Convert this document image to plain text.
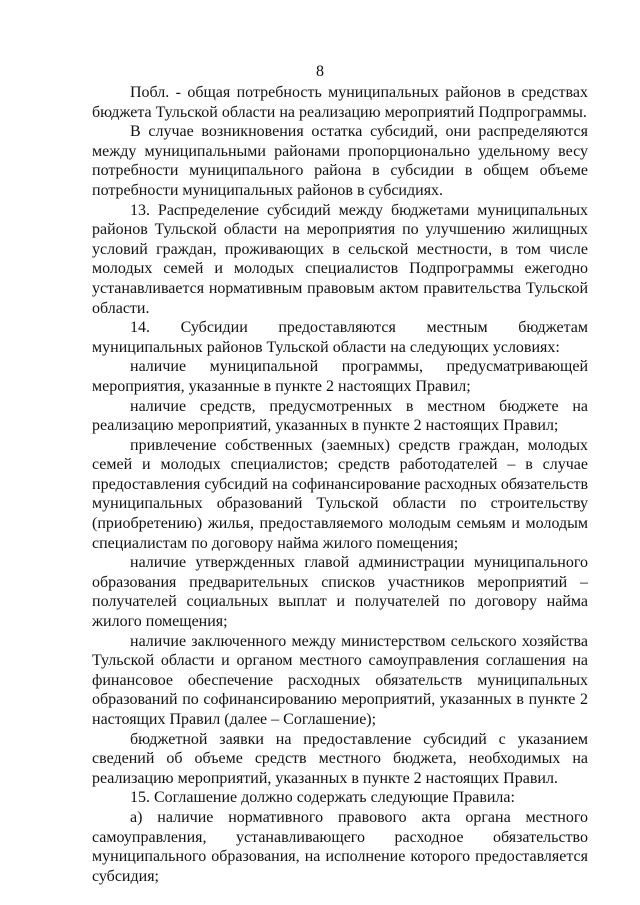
8

Побл. - общая потребность муниципальных районов в средствах бюджета Тульской области на реализацию мероприятий Подпрограммы.

В случае возникновения остатка субсидий, они распределяются между муниципальными районами пропорционально удельному весу потребности муниципального района в субсидии в общем объеме потребности муниципальных районов в субсидиях.

13. Распределение субсидий между бюджетами муниципальных районов Тульской области на мероприятия по улучшению жилищных условий граждан, проживающих в сельской местности, в том числе молодых семей и молодых специалистов Подпрограммы ежегодно устанавливается нормативным правовым актом правительства Тульской области.

14. Субсидии предоставляются местным бюджетам муниципальных районов Тульской области на следующих условиях:

наличие муниципальной программы, предусматривающей мероприятия, указанные в пункте 2 настоящих Правил;

наличие средств, предусмотренных в местном бюджете на реализацию мероприятий, указанных в пункте 2 настоящих Правил;

привлечение собственных (заемных) средств граждан, молодых семей и молодых специалистов; средств работодателей – в случае предоставления субсидий на софинансирование расходных обязательств муниципальных образований Тульской области по строительству (приобретению) жилья, предоставляемого молодым семьям и молодым специалистам по договору найма жилого помещения;

наличие утвержденных главой администрации муниципального образования предварительных списков участников мероприятий – получателей социальных выплат и получателей по договору найма жилого помещения;

наличие заключенного между министерством сельского хозяйства Тульской области и органом местного самоуправления соглашения на финансовое обеспечение расходных обязательств муниципальных образований по софинансированию мероприятий, указанных в пункте 2 настоящих Правил (далее – Соглашение);

бюджетной заявки на предоставление субсидий с указанием сведений об объеме средств местного бюджета, необходимых на реализацию мероприятий, указанных в пункте 2 настоящих Правил.

15. Соглашение должно содержать следующие Правила:

а) наличие нормативного правового акта органа местного самоуправления, устанавливающего расходное обязательство муниципального образования, на исполнение которого предоставляется субсидия;
